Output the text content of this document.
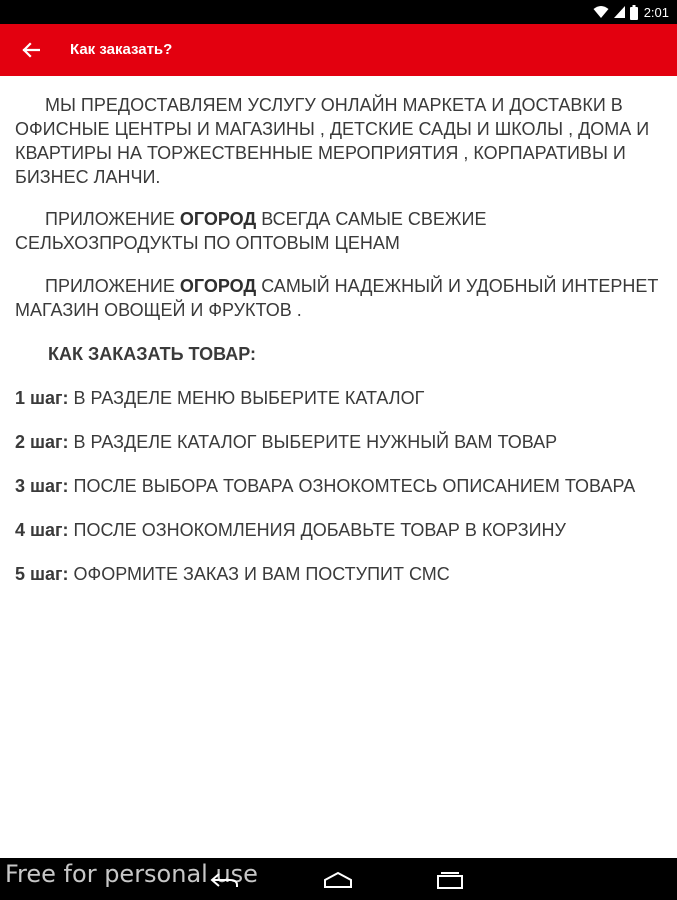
2:01
Как заказать?

МЫ ПРЕДОСТАВЛЯЕМ УСЛУГУ ОНЛАЙН МАРКЕТА И ДОСТАВКИ В ОФИСНЫЕ ЦЕНТРЫ И МАГАЗИНЫ , ДЕТСКИЕ САДЫ И ШКОЛЫ , ДОМА И КВАРТИРЫ НА ТОРЖЕСТВЕННЫЕ МЕРОПРИЯТИЯ , КОРПАРАТИВЫ И БИЗНЕС ЛАНЧИ.

ПРИЛОЖЕНИЕ ОГОРОД ВСЕГДА САМЫЕ СВЕЖИЕ СЕЛЬХОЗПРОДУКТЫ ПО ОПТОВЫМ ЦЕНАМ

ПРИЛОЖЕНИЕ ОГОРОД САМЫЙ НАДЕЖНЫЙ И УДОБНЫЙ ИНТЕРНЕТ МАГАЗИН ОВОЩЕЙ И ФРУКТОВ .

КАК ЗАКАЗАТЬ ТОВАР:

1 шаг: В РАЗДЕЛЕ МЕНЮ ВЫБЕРИТЕ КАТАЛОГ

2 шаг: В РАЗДЕЛЕ КАТАЛОГ ВЫБЕРИТЕ НУЖНЫЙ ВАМ ТОВАР

3 шаг: ПОСЛЕ ВЫБОРА ТОВАРА ОЗНОКОМТЕСЬ ОПИСАНИЕМ ТОВАРА

4 шаг: ПОСЛЕ ОЗНОКОМЛЕНИЯ ДОБАВЬТЕ ТОВАР В КОРЗИНУ

5 шаг: ОФОРМИТЕ ЗАКАЗ И ВАМ ПОСТУПИТ СМС

Free for personal use
